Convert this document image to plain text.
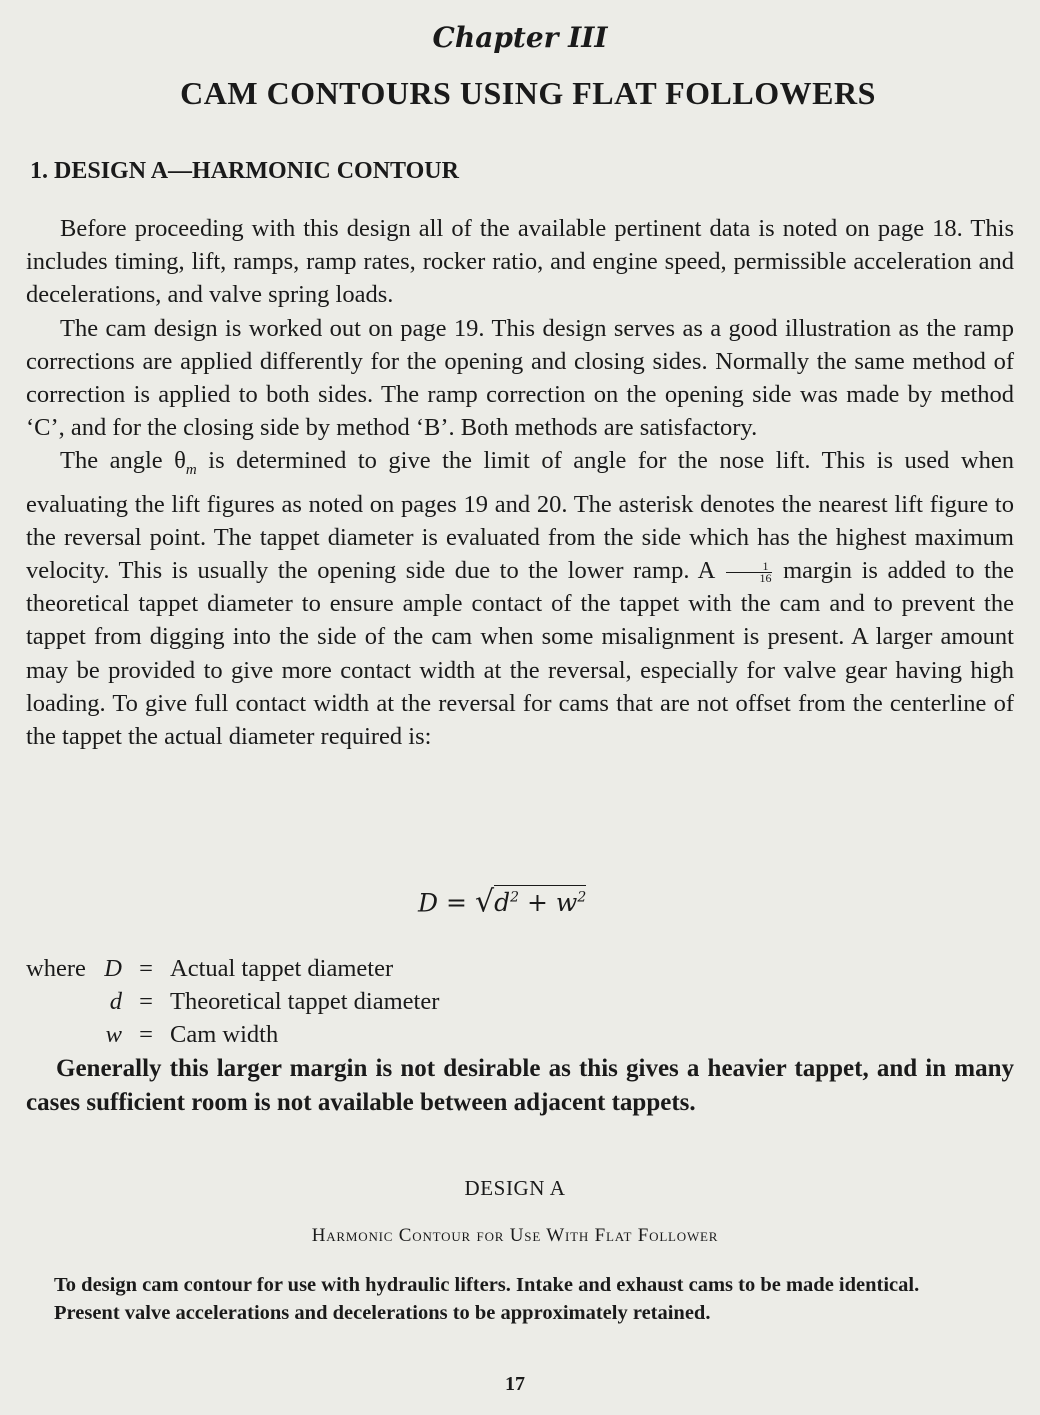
Chapter III
CAM CONTOURS USING FLAT FOLLOWERS
1. DESIGN A—HARMONIC CONTOUR

Before proceeding with this design all of the available pertinent data is noted on page 18. This includes timing, lift, ramps, ramp rates, rocker ratio, and engine speed, permissible acceleration and decelerations, and valve spring loads.

The cam design is worked out on page 19. This design serves as a good illustration as the ramp corrections are applied differently for the opening and closing sides. Normally the same method of correction is applied to both sides. The ramp correction on the opening side was made by method ‘C’, and for the closing side by method ‘B’. Both methods are satisfactory.

The angle $\theta_m$ is determined to give the limit of angle for the nose lift. This is used when evaluating the lift figures as noted on pages 19 and 20. The asterisk denotes the nearest lift figure to the reversal point. The tappet diameter is evaluated from the side which has the highest maximum velocity. This is usually the opening side due to the lower ramp. A $\frac{1}{16}$ margin is added to the theoretical tappet diameter to ensure ample contact of the tappet with the cam and to prevent the tappet from digging into the side of the cam when some misalignment is present. A larger amount may be provided to give more contact width at the reversal, especially for valve gear having high loading. To give full contact width at the reversal for cams that are not offset from the centerline of the tappet the actual diameter required is:

$D = √d^2 + w^2$
where D = Actual tappet diameter
d = Theoretical tappet diameter
w = Cam width

Generally this larger margin is not desirable as this gives a heavier tappet, and in many cases sufficient room is not available between adjacent tappets.

DESIGN A
Harmonic Contour for Use With Flat Follower

To design cam contour for use with hydraulic lifters. Intake and exhaust cams to be made identical.

Present valve accelerations and decelerations to be approximately retained.

17
